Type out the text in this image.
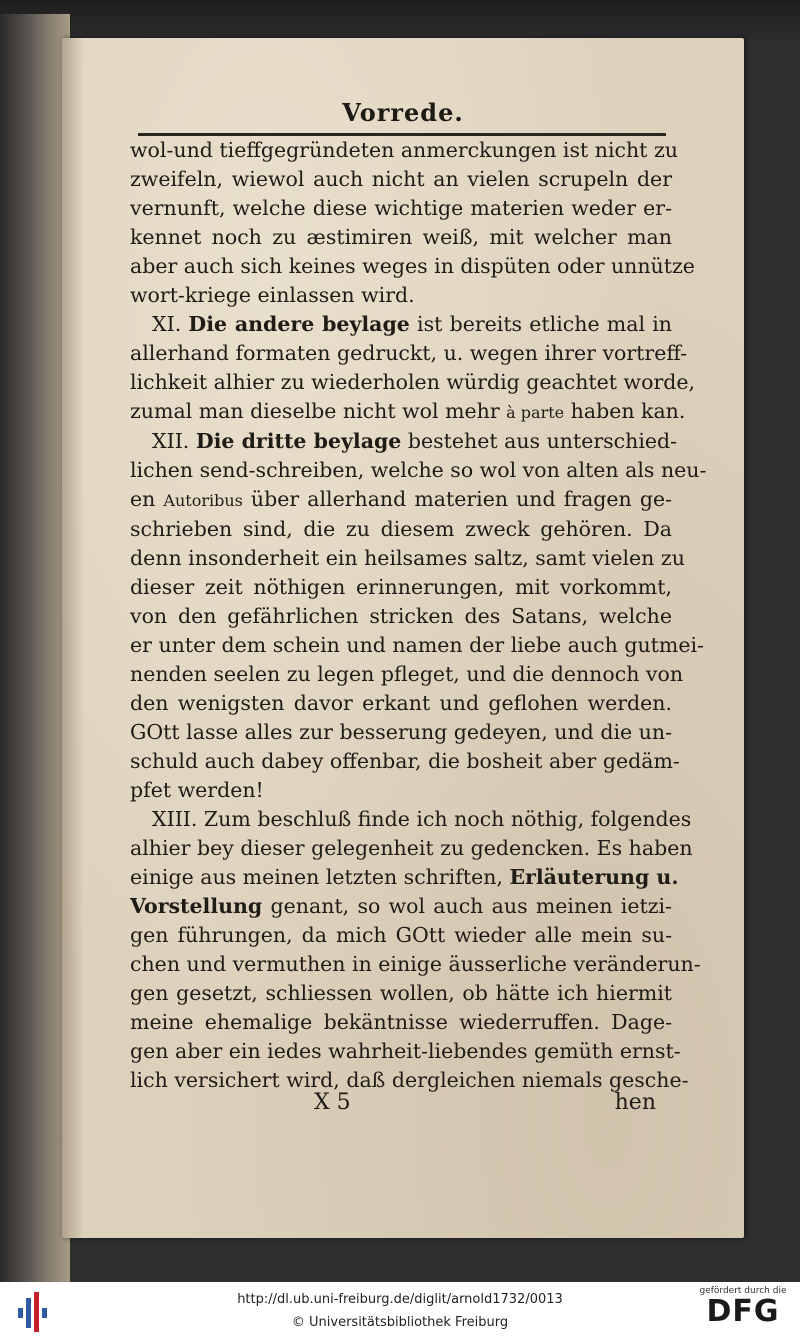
Vorrede.
wol-und tieffgegründeten anmerckungen ist nicht zu
zweifeln, wiewol auch nicht an vielen scrupeln der
vernunft, welche diese wichtige materien weder er-
kennet noch zu æstimiren weiß, mit welcher man
aber auch sich keines weges in dispüten oder unnütze
wort-kriege einlassen wird.
XI. Die andere beylage ist bereits etliche mal in
allerhand formaten gedruckt, u. wegen ihrer vortreff-
lichkeit alhier zu wiederholen würdig geachtet worde,
zumal man dieselbe nicht wol mehr à parte haben kan.
XII. Die dritte beylage bestehet aus unterschied-
lichen send-schreiben, welche so wol von alten als neu-
en Autoribus über allerhand materien und fragen ge-
schrieben sind, die zu diesem zweck gehören. Da
denn insonderheit ein heilsames saltz, samt vielen zu
dieser zeit nöthigen erinnerungen, mit vorkommt,
von den gefährlichen stricken des Satans, welche
er unter dem schein und namen der liebe auch gutmei-
nenden seelen zu legen pfleget, und die dennoch von
den wenigsten davor erkant und geflohen werden.
GOtt lasse alles zur besserung gedeyen, und die un-
schuld auch dabey offenbar, die bosheit aber gedäm-
pfet werden!
XIII. Zum beschluß finde ich noch nöthig, folgendes
alhier bey dieser gelegenheit zu gedencken. Es haben
einige aus meinen letzten schriften, Erläuterung u.
Vorstellung genant, so wol auch aus meinen ietzi-
gen führungen, da mich GOtt wieder alle mein su-
chen und vermuthen in einige äusserliche veränderun-
gen gesetzt, schliessen wollen, ob hätte ich hiermit
meine ehemalige bekäntnisse wiederruffen. Dage-
gen aber ein iedes wahrheit-liebendes gemüth ernst-
lich versichert wird, daß dergleichen niemals gesche-
X 5	hen
http://dl.ub.uni-freiburg.de/diglit/arnold1732/0013
© Universitätsbibliothek Freiburg
gefördert durch die
DFG
